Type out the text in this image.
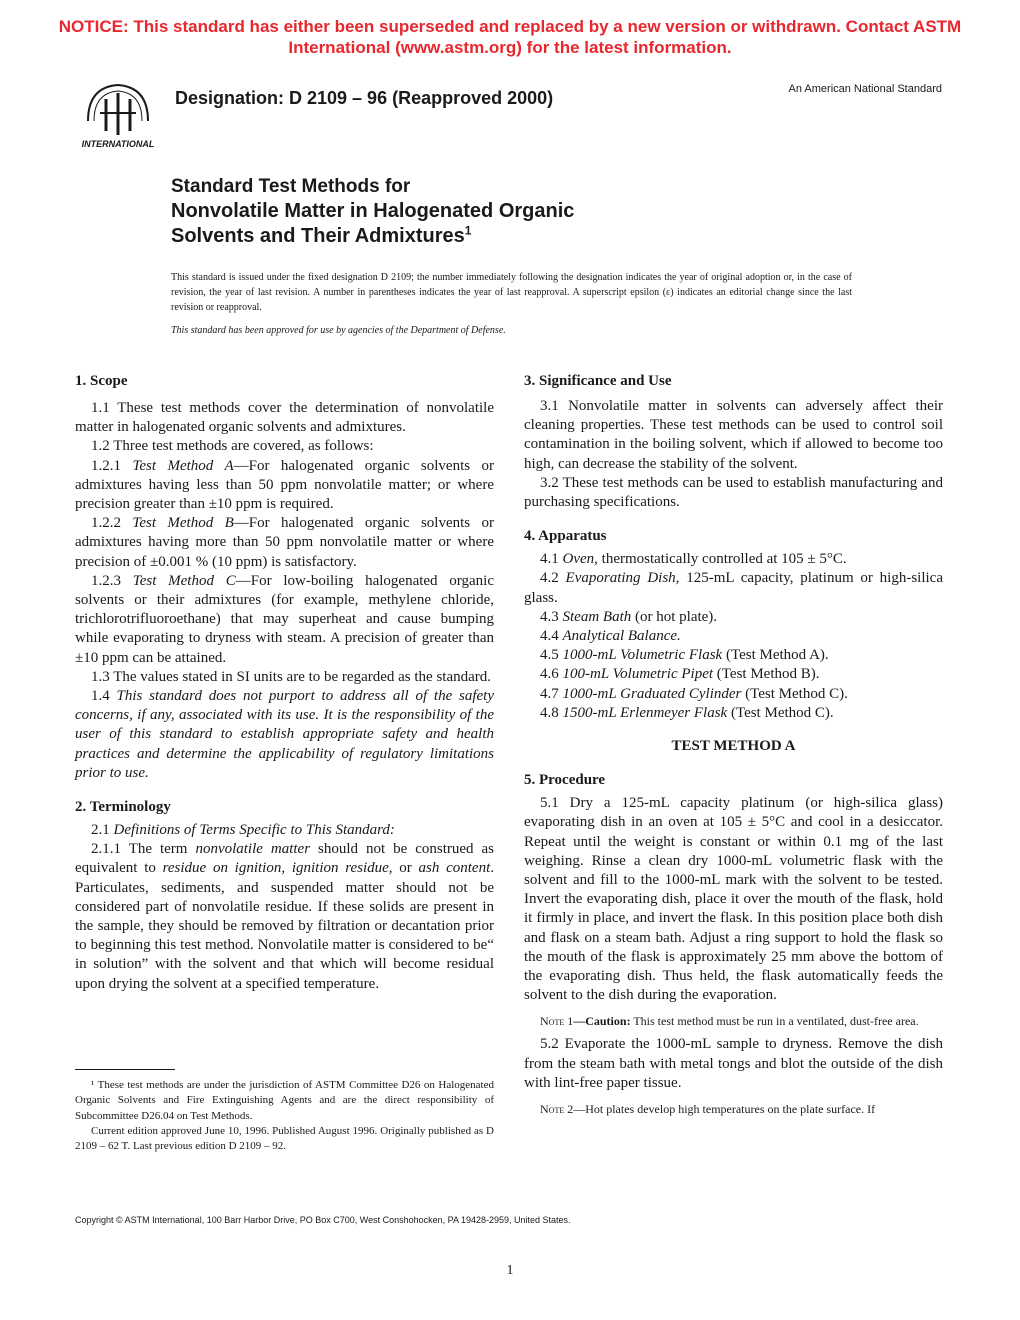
NOTICE: This standard has either been superseded and replaced by a new version or withdrawn. Contact ASTM
International (www.astm.org) for the latest information.
INTERNATIONAL
Designation: D 2109 – 96 (Reapproved 2000)	An American National Standard
Standard Test Methods for
Nonvolatile Matter in Halogenated Organic
Solvents and Their Admixtures$^1$
This standard is issued under the fixed designation D 2109; the number immediately following the designation indicates the year of original adoption or, in the case of revision, the year of last revision. A number in parentheses indicates the year of last reapproval. A superscript epsilon (ε) indicates an editorial change since the last revision or reapproval.
This standard has been approved for use by agencies of the Department of Defense.
1. Scope

1.1 These test methods cover the determination of nonvolatile matter in halogenated organic solvents and admixtures.

1.2 Three test methods are covered, as follows:

1.2.1 Test Method A—For halogenated organic solvents or admixtures having less than 50 ppm nonvolatile matter; or where precision greater than ±10 ppm is required.

1.2.2 Test Method B—For halogenated organic solvents or admixtures having more than 50 ppm nonvolatile matter or where precision of ±0.001 % (10 ppm) is satisfactory.

1.2.3 Test Method C—For low-boiling halogenated organic solvents or their admixtures (for example, methylene chloride, trichlorotrifluoroethane) that may superheat and cause bumping while evaporating to dryness with steam. A precision of greater than ±10 ppm can be attained.

1.3 The values stated in SI units are to be regarded as the standard.

1.4 This standard does not purport to address all of the safety concerns, if any, associated with its use. It is the responsibility of the user of this standard to establish appropriate safety and health practices and determine the applicability of regulatory limitations prior to use.

2. Terminology

2.1 Definitions of Terms Specific to This Standard:

2.1.1 The term nonvolatile matter should not be construed as equivalent to residue on ignition, ignition residue, or ash content. Particulates, sediments, and suspended matter should not be considered part of nonvolatile residue. If these solids are present in the sample, they should be removed by filtration or decantation prior to beginning this test method. Nonvolatile matter is considered to be“ in solution” with the solvent and that which will become residual upon drying the solvent at a specified temperature.

¹ These test methods are under the jurisdiction of ASTM Committee D26 on Halogenated Organic Solvents and Fire Extinguishing Agents and are the direct responsibility of Subcommittee D26.04 on Test Methods.

Current edition approved June 10, 1996. Published August 1996. Originally published as D 2109 – 62 T. Last previous edition D 2109 – 92.

3. Significance and Use

3.1 Nonvolatile matter in solvents can adversely affect their cleaning properties. These test methods can be used to control soil contamination in the boiling solvent, which if allowed to become too high, can decrease the stability of the solvent.

3.2 These test methods can be used to establish manufacturing and purchasing specifications.

4. Apparatus

4.1 Oven, thermostatically controlled at 105 ± 5°C.

4.2 Evaporating Dish, 125-mL capacity, platinum or high-silica glass.

4.3 Steam Bath (or hot plate).

4.4 Analytical Balance.

4.5 1000-mL Volumetric Flask (Test Method A).

4.6 100-mL Volumetric Pipet (Test Method B).

4.7 1000-mL Graduated Cylinder (Test Method C).

4.8 1500-mL Erlenmeyer Flask (Test Method C).

TEST METHOD A

5. Procedure

5.1 Dry a 125-mL capacity platinum (or high-silica glass) evaporating dish in an oven at 105 ± 5°C and cool in a desiccator. Repeat until the weight is constant or within 0.1 mg of the last weighing. Rinse a clean dry 1000-mL volumetric flask with the solvent and fill to the 1000-mL mark with the solvent to be tested. Invert the evaporating dish, place it over the mouth of the flask, hold it firmly in place, and invert the flask. In this position place both dish and flask on a steam bath. Adjust a ring support to hold the flask so the mouth of the flask is approximately 25 mm above the bottom of the evaporating dish. Thus held, the flask automatically feeds the solvent to the dish during the evaporation.

Note 1—Caution: This test method must be run in a ventilated, dust-free area.

5.2 Evaporate the 1000-mL sample to dryness. Remove the dish from the steam bath with metal tongs and blot the outside of the dish with lint-free paper tissue.

Note 2—Hot plates develop high temperatures on the plate surface. If

Copyright © ASTM International, 100 Barr Harbor Drive, PO Box C700, West Conshohocken, PA 19428-2959, United States.
1
